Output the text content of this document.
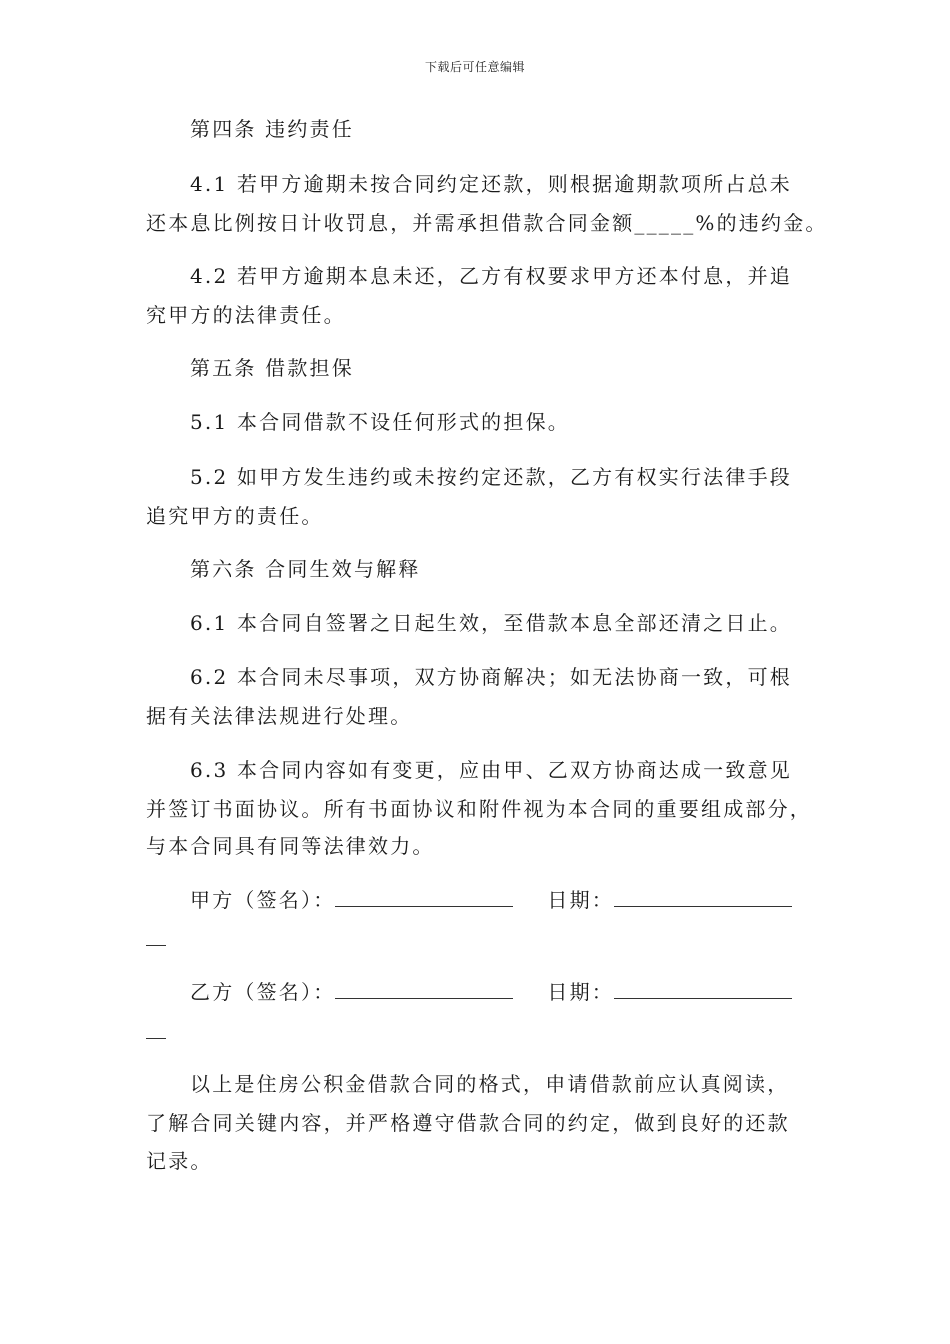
下载后可任意编辑
第四条 违约责任
4.1 若甲方逾期未按合同约定还款，则根据逾期款项所占总未
还本息比例按日计收罚息，并需承担借款合同金额_____%的违约金。
4.2 若甲方逾期本息未还，乙方有权要求甲方还本付息，并追
究甲方的法律责任。
第五条 借款担保
5.1 本合同借款不设任何形式的担保。
5.2 如甲方发生违约或未按约定还款，乙方有权实行法律手段
追究甲方的责任。
第六条 合同生效与解释
6.1 本合同自签署之日起生效，至借款本息全部还清之日止。
6.2 本合同未尽事项，双方协商解决；如无法协商一致，可根
据有关法律法规进行处理。
6.3 本合同内容如有变更，应由甲、乙双方协商达成一致意见
并签订书面协议。所有书面协议和附件视为本合同的重要组成部分，
与本合同具有同等法律效力。
甲方（签名）：	日期：
乙方（签名）：	日期：
以上是住房公积金借款合同的格式，申请借款前应认真阅读，
了解合同关键内容，并严格遵守借款合同的约定，做到良好的还款
记录。
